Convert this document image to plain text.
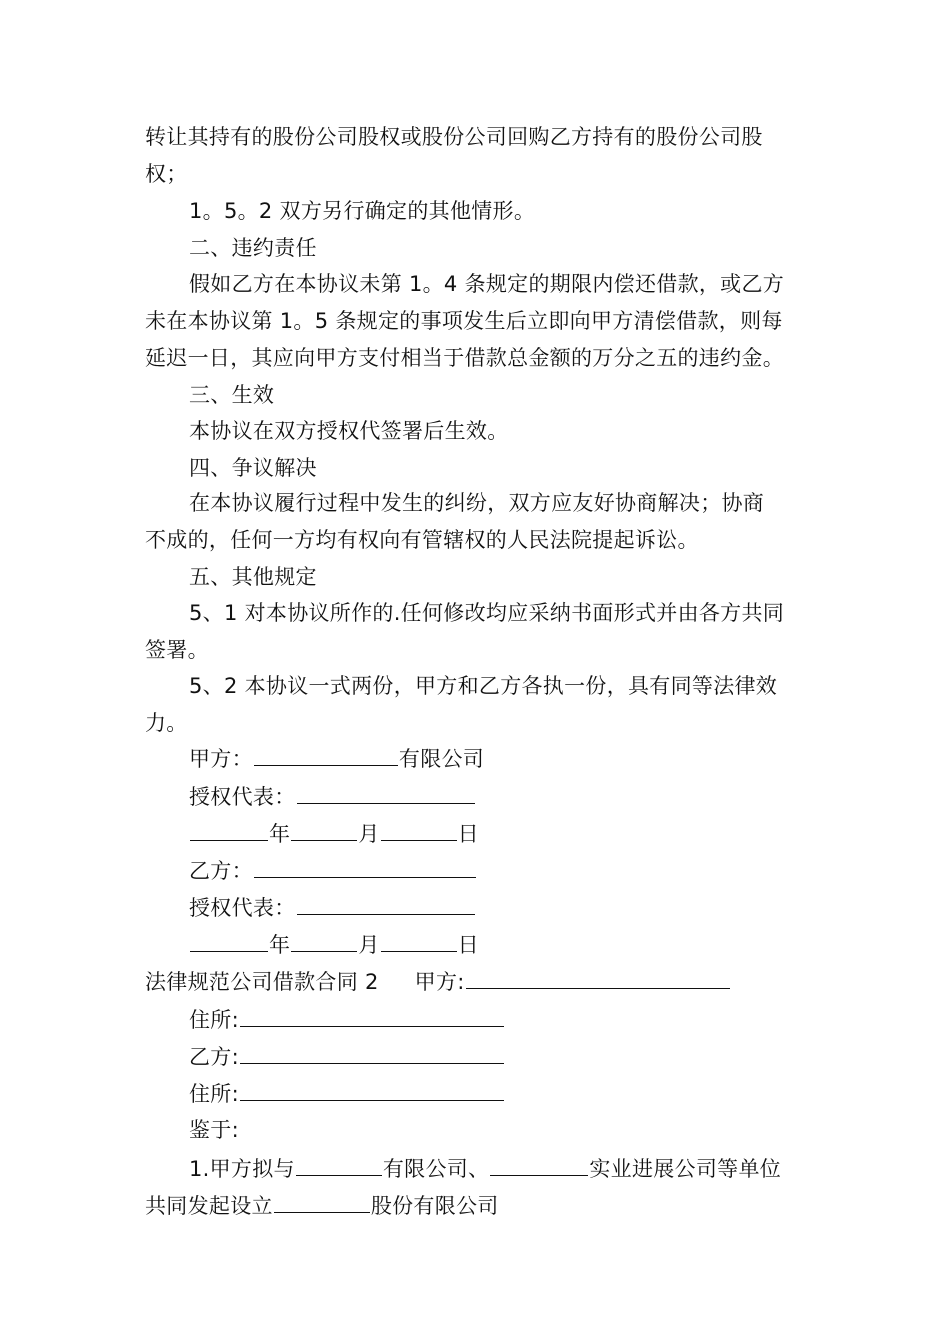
转让其持有的股份公司股权或股份公司回购乙方持有的股份公司股
权；
1。5。2 双方另行确定的其他情形。
二、违约责任
假如乙方在本协议未第 1。4 条规定的期限内偿还借款，或乙方
未在本协议第 1。5 条规定的事项发生后立即向甲方清偿借款，则每
延迟一日，其应向甲方支付相当于借款总金额的万分之五的违约金。
三、生效
本协议在双方授权代签署后生效。
四、争议解决
在本协议履行过程中发生的纠纷，双方应友好协商解决；协商
不成的，任何一方均有权向有管辖权的人民法院提起诉讼。
五、其他规定
5、1 对本协议所作的.任何修改均应采纳书面形式并由各方共同
签署。
5、2 本协议一式两份，甲方和乙方各执一份，具有同等法律效
力。
甲方：	有限公司
授权代表：
年	月	日
乙方：
授权代表：
年	月	日
法律规范公司借款合同 2 甲方:
住所:
乙方:
住所:
鉴于:
1.甲方拟与	有限公司、	实业进展公司等单位
共同发起设立	股份有限公司
